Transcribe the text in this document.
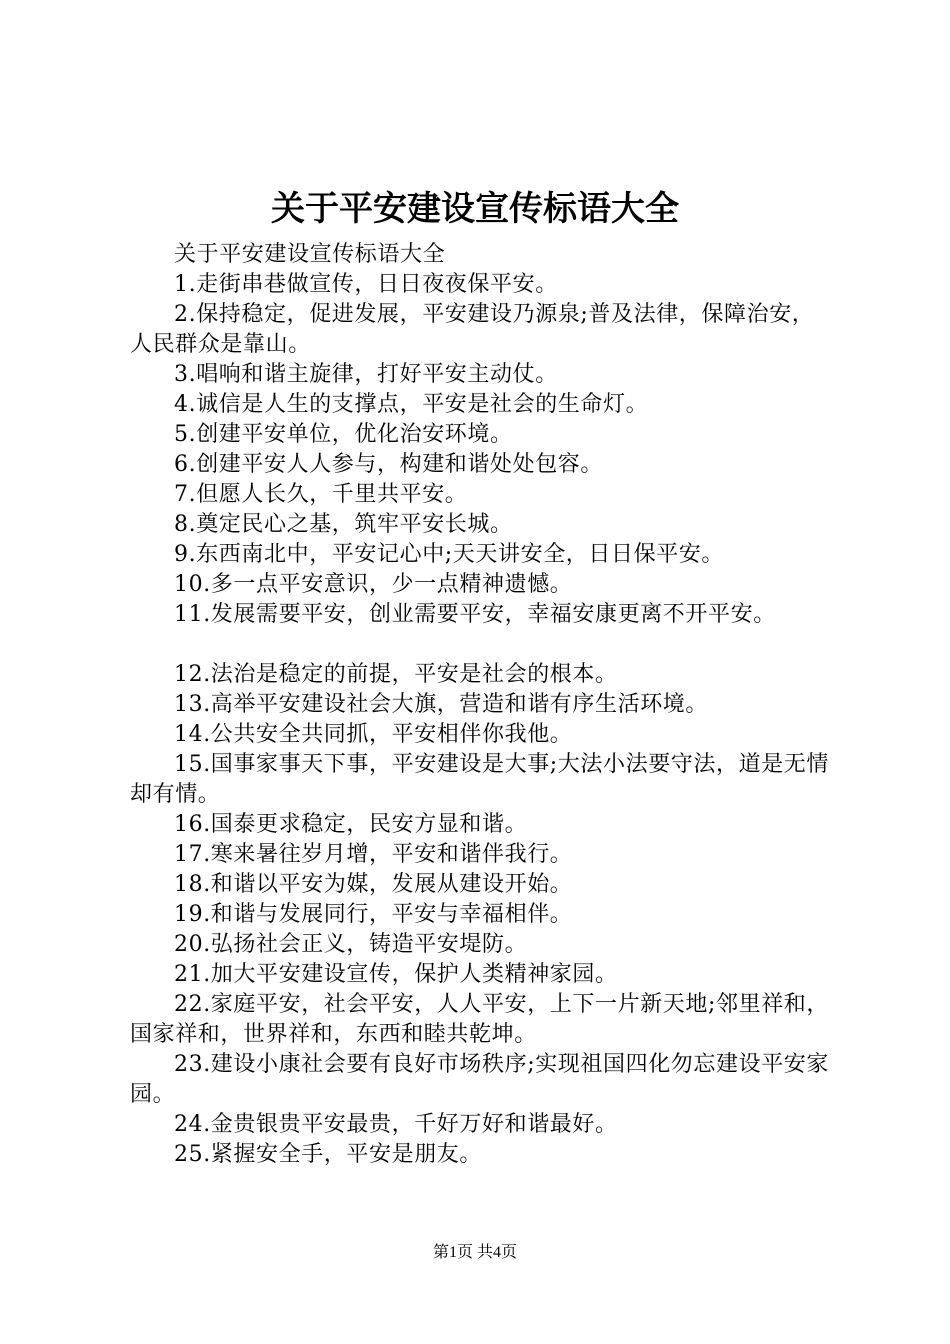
关于平安建设宣传标语大全

关于平安建设宣传标语大全

1.走街串巷做宣传，日日夜夜保平安。

2.保持稳定，促进发展，平安建设乃源泉;普及法律，保障治安，人民群众是靠山。

3.唱响和谐主旋律，打好平安主动仗。

4.诚信是人生的支撑点，平安是社会的生命灯。

5.创建平安单位，优化治安环境。

6.创建平安人人参与，构建和谐处处包容。

7.但愿人长久，千里共平安。

8.奠定民心之基，筑牢平安长城。

9.东西南北中，平安记心中;天天讲安全，日日保平安。

10.多一点平安意识，少一点精神遗憾。

11.发展需要平安，创业需要平安，幸福安康更离不开平安。

12.法治是稳定的前提，平安是社会的根本。

13.高举平安建设社会大旗，营造和谐有序生活环境。

14.公共安全共同抓，平安相伴你我他。

15.国事家事天下事，平安建设是大事;大法小法要守法，道是无情却有情。

16.国泰更求稳定，民安方显和谐。

17.寒来暑往岁月增，平安和谐伴我行。

18.和谐以平安为媒，发展从建设开始。

19.和谐与发展同行，平安与幸福相伴。

20.弘扬社会正义，铸造平安堤防。

21.加大平安建设宣传，保护人类精神家园。

22.家庭平安，社会平安，人人平安，上下一片新天地;邻里祥和，国家祥和，世界祥和，东西和睦共乾坤。

23.建设小康社会要有良好市场秩序;实现祖国四化勿忘建设平安家园。

24.金贵银贵平安最贵，千好万好和谐最好。

25.紧握安全手，平安是朋友。

第1页 共4页
